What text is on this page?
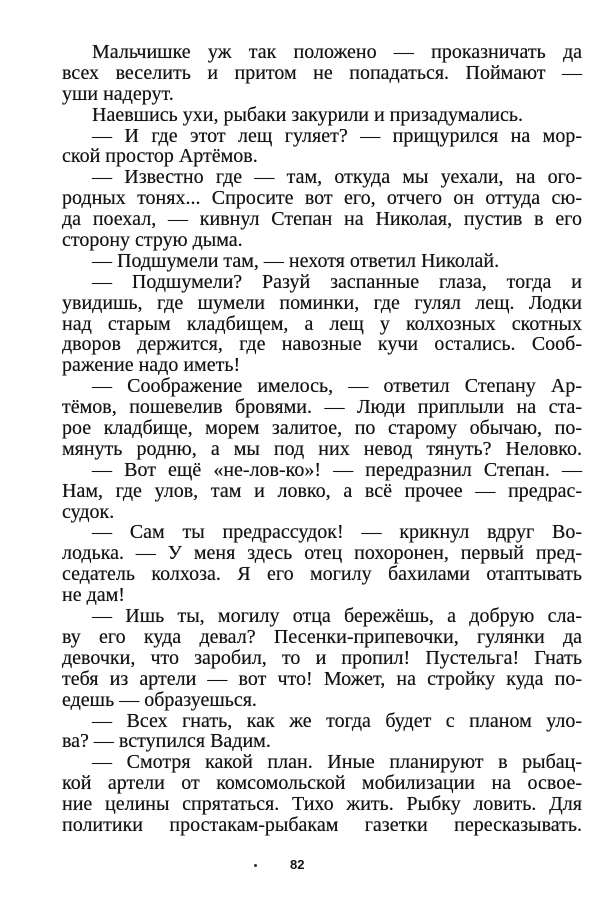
Мальчишке уж так положено — проказничать да
всех веселить и притом не попадаться. Поймают —
уши надерут.
Наевшись ухи, рыбаки закурили и призадумались.
— И где этот лещ гуляет? — прищурился на мор-
ской простор Артёмов.
— Известно где — там, откуда мы уехали, на ого-
родных тонях... Спросите вот его, отчего он оттуда сю-
да поехал, — кивнул Степан на Николая, пустив в его
сторону струю дыма.
— Подшумели там, — нехотя ответил Николай.
— Подшумели? Разуй заспанные глаза, тогда и
увидишь, где шумели поминки, где гулял лещ. Лодки
над старым кладбищем, а лещ у колхозных скотных
дворов держится, где навозные кучи остались. Сооб-
ражение надо иметь!
— Соображение имелось, — ответил Степану Ар-
тёмов, пошевелив бровями. — Люди приплыли на ста-
рое кладбище, морем залитое, по старому обычаю, по-
мянуть родню, а мы под них невод тянуть? Неловко.
— Вот ещё «не-лов-ко»! — передразнил Степан. —
Нам, где улов, там и ловко, а всё прочее — предрас-
судок.
— Сам ты предрассудок! — крикнул вдруг Во-
лодька. — У меня здесь отец похоронен, первый пред-
седатель колхоза. Я его могилу бахилами отаптывать
не дам!
— Ишь ты, могилу отца бережёшь, а добрую сла-
ву его куда девал? Песенки-припевочки, гулянки да
девочки, что заробил, то и пропил! Пустельга! Гнать
тебя из артели — вот что! Может, на стройку куда по-
едешь — образуешься.
— Всех гнать, как же тогда будет с планом уло-
ва? — вступился Вадим.
— Смотря какой план. Иные планируют в рыбац-
кой артели от комсомольской мобилизации на освое-
ние целины спрятаться. Тихо жить. Рыбку ловить. Для
политики простакам-рыбакам газетки пересказывать.
82
